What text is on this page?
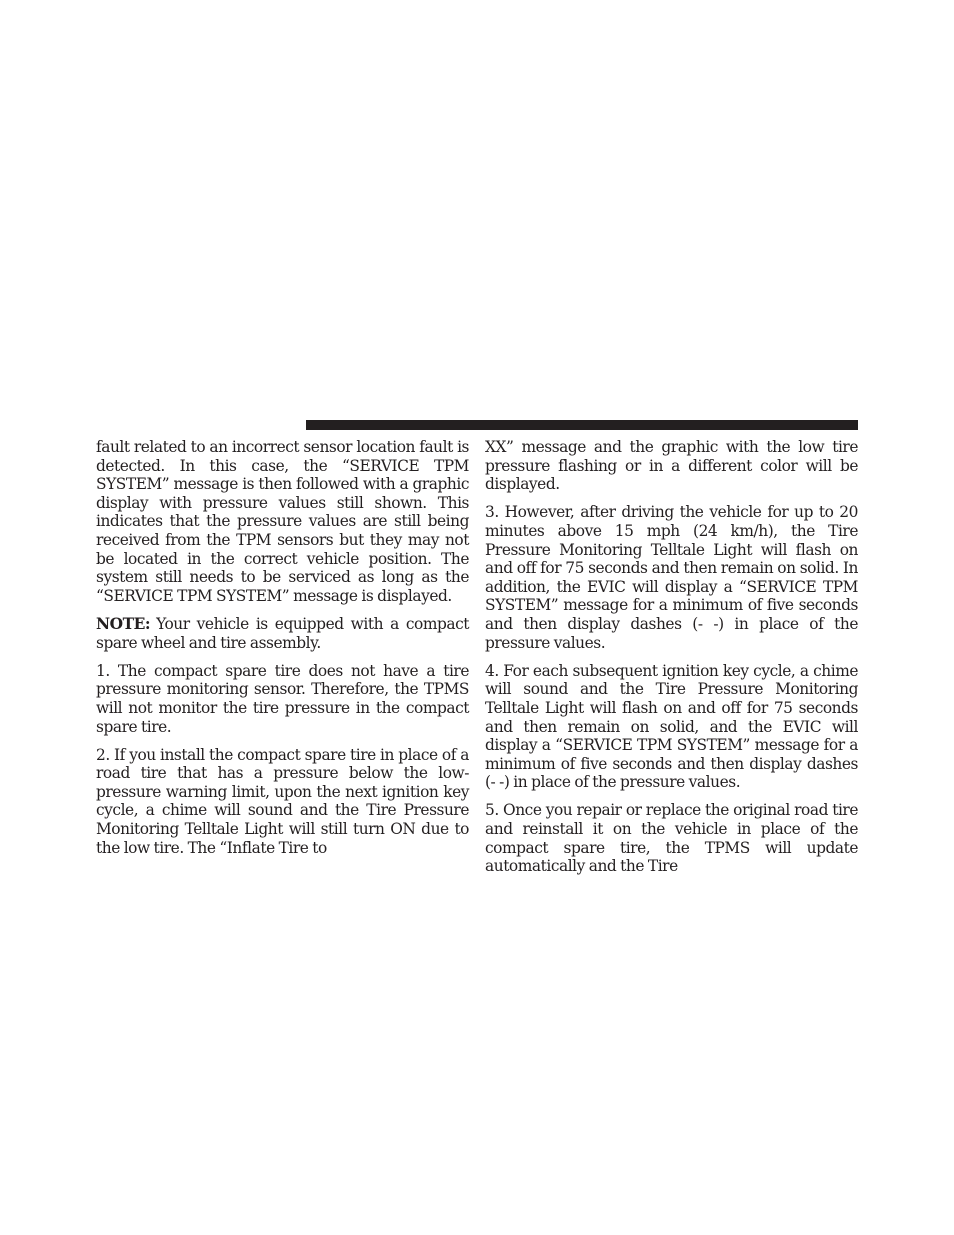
fault related to an incorrect sensor location fault is detected. In this case, the “SERVICE TPM SYSTEM” message is then followed with a graphic display with pressure values still shown. This indicates that the pressure values are still being received from the TPM sensors but they may not be located in the correct vehicle position. The system still needs to be serviced as long as the “SERVICE TPM SYSTEM” message is displayed.

NOTE: Your vehicle is equipped with a compact spare wheel and tire assembly.

1. The compact spare tire does not have a tire pressure monitoring sensor. Therefore, the TPMS will not monitor the tire pressure in the compact spare tire.

2. If you install the compact spare tire in place of a road tire that has a pressure below the low-pressure warning limit, upon the next ignition key cycle, a chime will sound and the Tire Pressure Monitoring Telltale Light will still turn ON due to the low tire. The “Inflate Tire to

XX” message and the graphic with the low tire pressure flashing or in a different color will be displayed.

3. However, after driving the vehicle for up to 20 minutes above 15 mph (24 km/h), the Tire Pressure Monitoring Telltale Light will flash on and off for 75 seconds and then remain on solid. In addition, the EVIC will display a “SERVICE TPM SYSTEM” message for a minimum of five seconds and then display dashes (- -) in place of the pressure values.

4. For each subsequent ignition key cycle, a chime will sound and the Tire Pressure Monitoring Telltale Light will flash on and off for 75 seconds and then remain on solid, and the EVIC will display a “SERVICE TPM SYSTEM” message for a minimum of five seconds and then display dashes (- -) in place of the pressure values.

5. Once you repair or replace the original road tire and reinstall it on the vehicle in place of the compact spare tire, the TPMS will update automatically and the Tire
